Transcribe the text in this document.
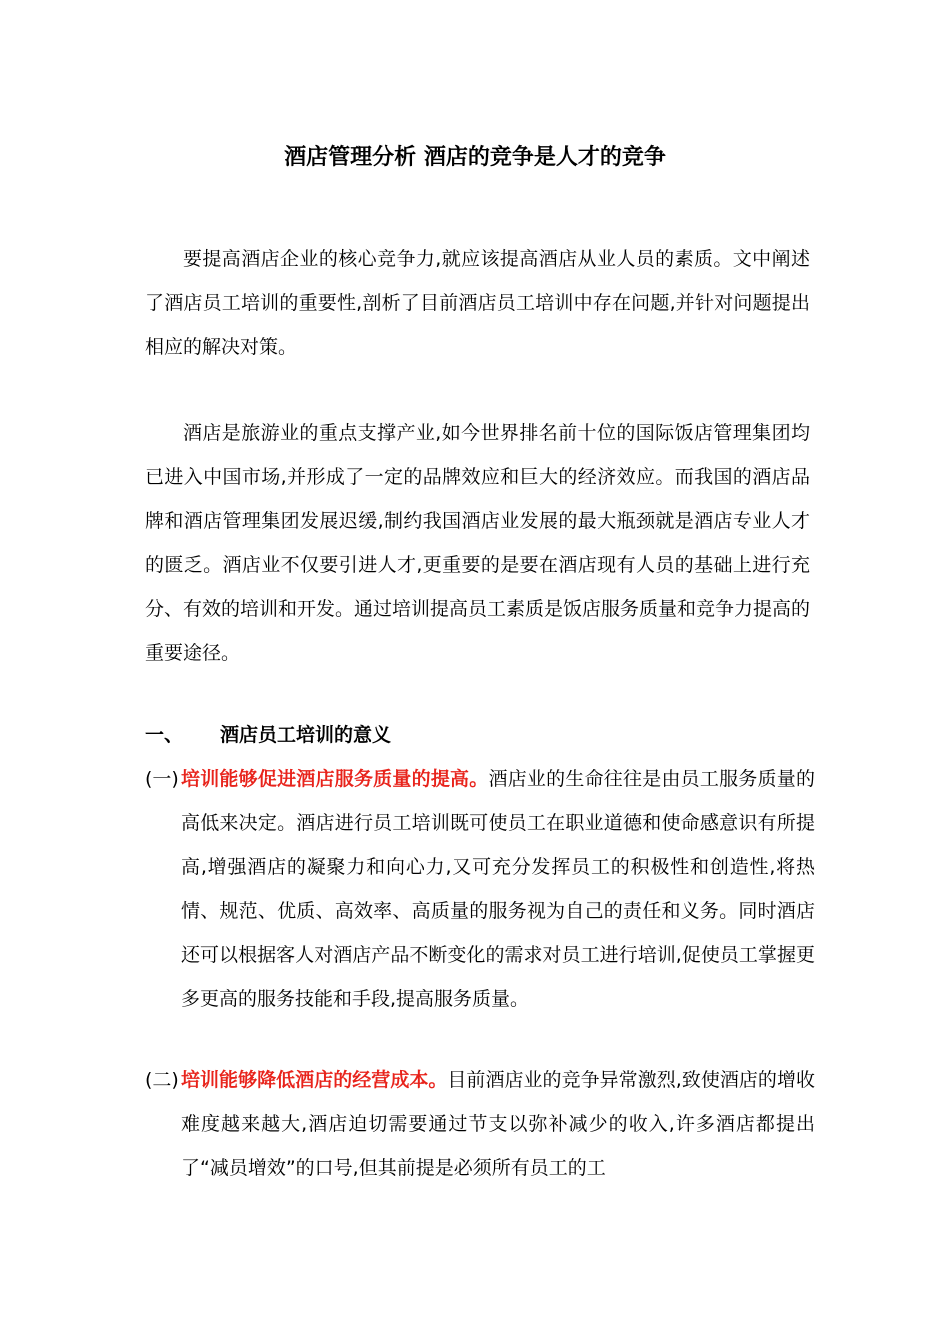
酒店管理分析 酒店的竞争是人才的竞争

要提高酒店企业的核心竞争力,就应该提高酒店从业人员的素质。文中阐述了酒店员工培训的重要性,剖析了目前酒店员工培训中存在问题,并针对问题提出相应的解决对策。

酒店是旅游业的重点支撑产业,如今世界排名前十位的国际饭店管理集团均已进入中国市场,并形成了一定的品牌效应和巨大的经济效应。而我国的酒店品牌和酒店管理集团发展迟缓,制约我国酒店业发展的最大瓶颈就是酒店专业人才的匮乏。酒店业不仅要引进人才,更重要的是要在酒店现有人员的基础上进行充分、有效的培训和开发。通过培训提高员工素质是饭店服务质量和竞争力提高的重要途径。

一、 酒店员工培训的意义
(一) 培训能够促进酒店服务质量的提高。酒店业的生命往往是由员工服务质量的高低来决定。酒店进行员工培训既可使员工在职业道德和使命感意识有所提高,增强酒店的凝聚力和向心力,又可充分发挥员工的积极性和创造性,将热情、规范、优质、高效率、高质量的服务视为自己的责任和义务。同时酒店还可以根据客人对酒店产品不断变化的需求对员工进行培训,促使员工掌握更多更高的服务技能和手段,提高服务质量。
(二) 培训能够降低酒店的经营成本。目前酒店业的竞争异常激烈,致使酒店的增收难度越来越大,酒店迫切需要通过节支以弥补减少的收入,许多酒店都提出了“减员增效”的口号,但其前提是必须所有员工的工
